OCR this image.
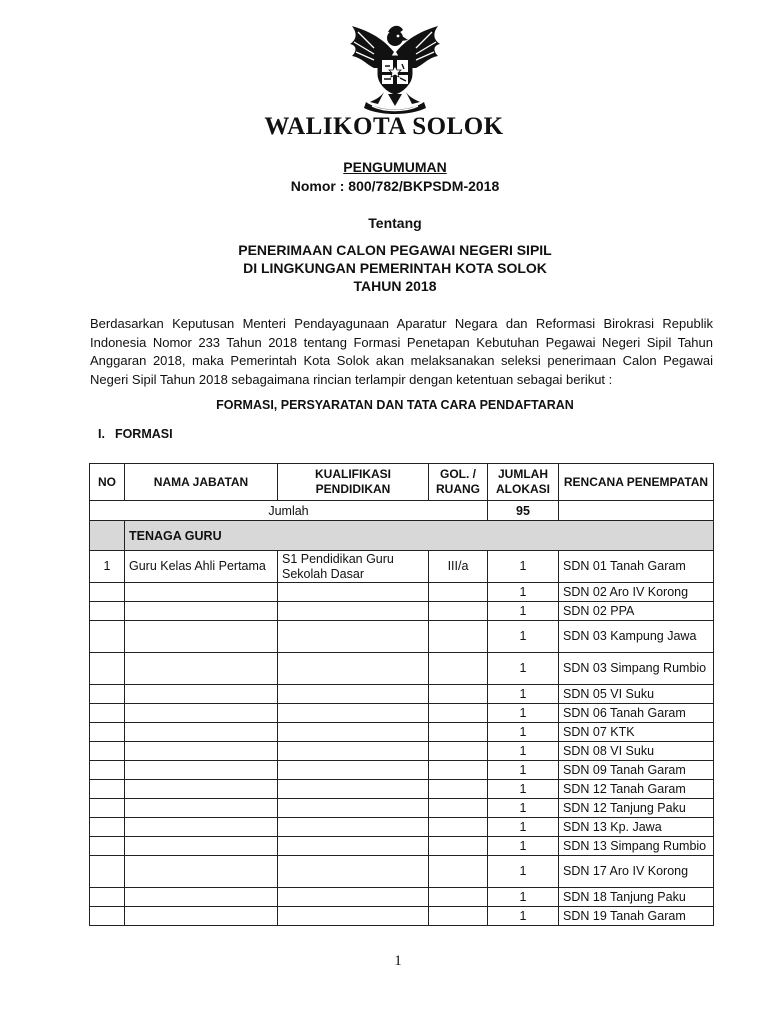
WALIKOTA SOLOK
PENGUMUMAN
Nomor : 800/782/BKPSDM-2018
Tentang
PENERIMAAN CALON PEGAWAI NEGERI SIPIL
DI LINGKUNGAN PEMERINTAH KOTA SOLOK
TAHUN 2018
Berdasarkan Keputusan Menteri Pendayagunaan Aparatur Negara dan Reformasi Birokrasi Republik Indonesia Nomor 233 Tahun 2018 tentang Formasi Penetapan Kebutuhan Pegawai Negeri Sipil Tahun Anggaran 2018, maka Pemerintah Kota Solok akan melaksanakan seleksi penerimaan Calon Pegawai Negeri Sipil Tahun 2018 sebagaimana rincian terlampir dengan ketentuan sebagai berikut :
FORMASI, PERSYARATAN DAN TATA CARA PENDAFTARAN
I. FORMASI
NO	NAMA JABATAN	KUALIFIKASI PENDIDIKAN	GOL. / RUANG	JUMLAH ALOKASI	RENCANA PENEMPATAN
Jumlah				95	
	TENAGA GURU				
1	Guru Kelas Ahli Pertama	S1 Pendidikan Guru Sekolah Dasar	III/a	1	SDN 01 Tanah Garam
				1	SDN 02 Aro IV Korong
				1	SDN 02 PPA
				1	SDN 03 Kampung Jawa
				1	SDN 03 Simpang Rumbio
				1	SDN 05 VI Suku
				1	SDN 06 Tanah Garam
				1	SDN 07 KTK
				1	SDN 08 VI Suku
				1	SDN 09 Tanah Garam
				1	SDN 12 Tanah Garam
				1	SDN 12 Tanjung Paku
				1	SDN 13 Kp. Jawa
				1	SDN 13 Simpang Rumbio
				1	SDN 17 Aro IV Korong
				1	SDN 18 Tanjung Paku
				1	SDN 19 Tanah Garam
1
